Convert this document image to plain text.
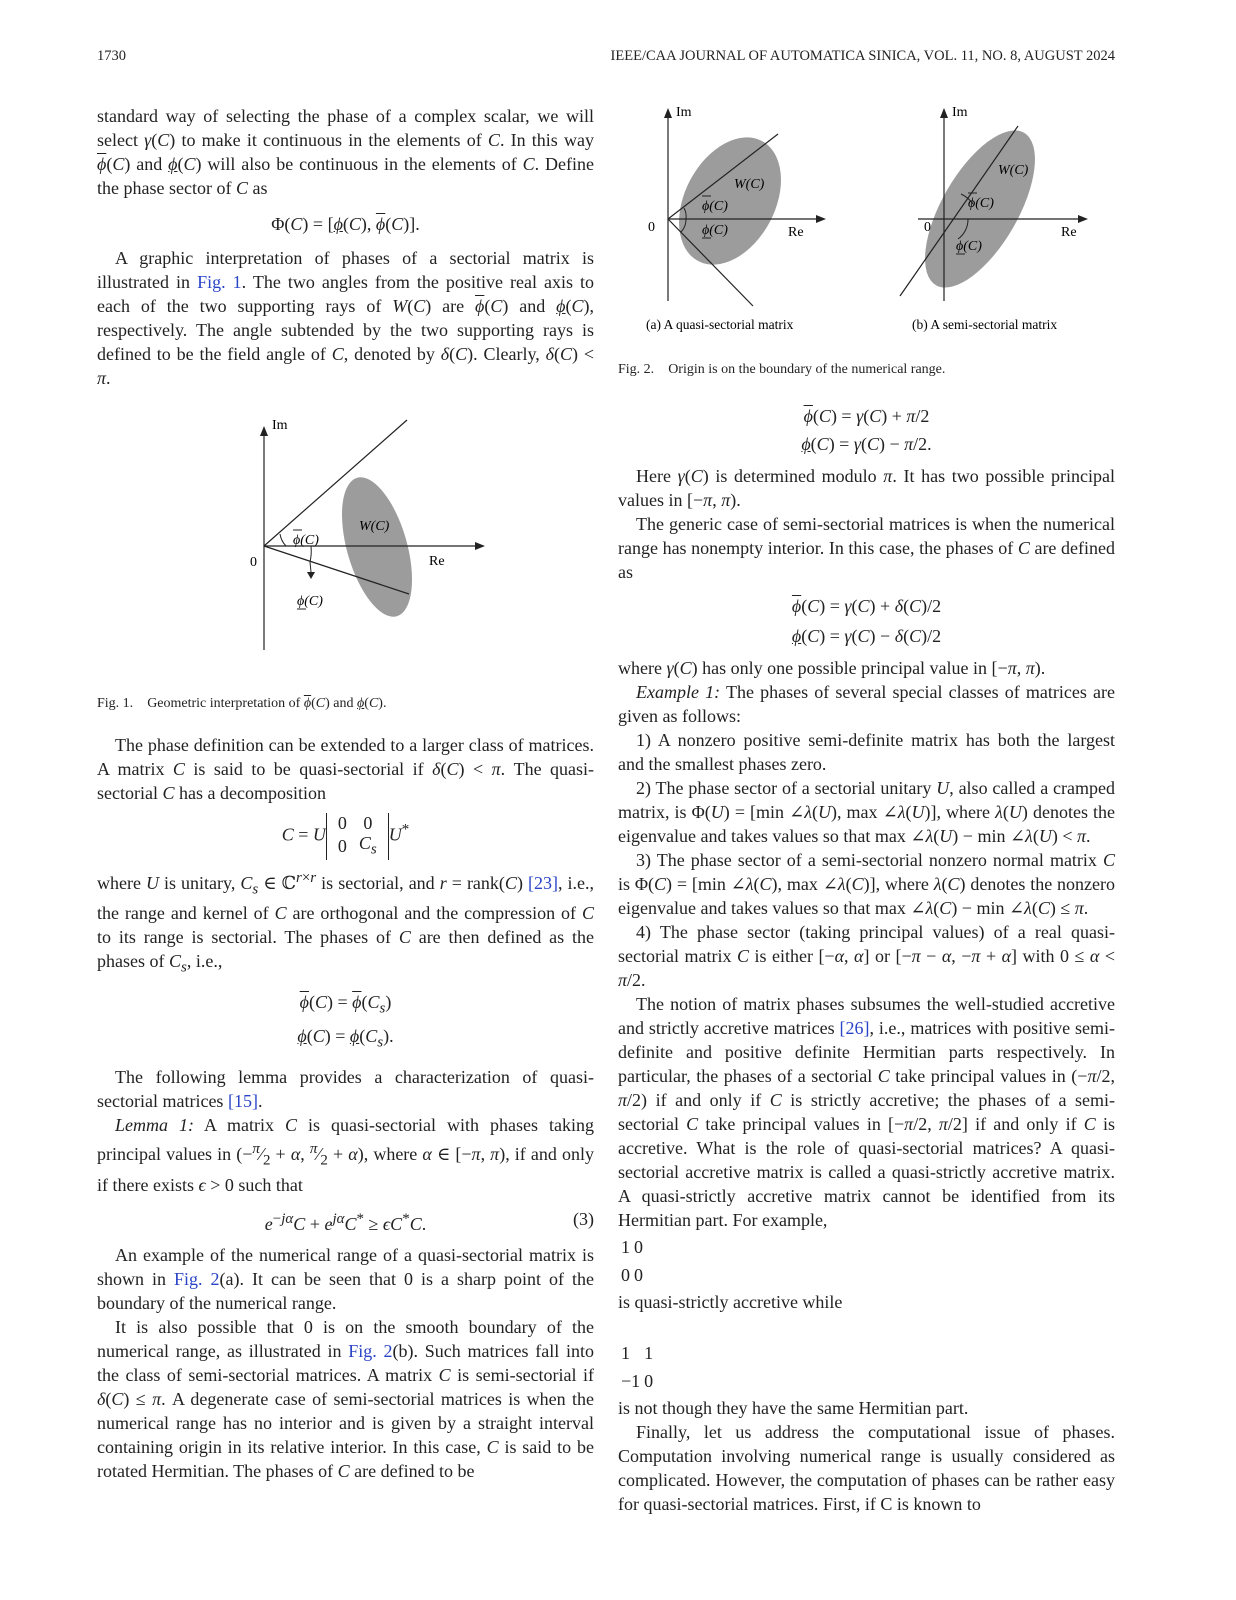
1730	IEEE/CAA JOURNAL OF AUTOMATICA SINICA, VOL. 11, NO. 8, AUGUST 2024

standard way of selecting the phase of a complex scalar, we will select γ(C) to make it continuous in the elements of C. In this way $\overline{\phi}(C)$ and ϕ(C) will also be continuous in the elements of C. Define the phase sector of C as

Φ(C) = [ϕ(C), $\overline{\phi}(C)$].

A graphic interpretation of phases of a sectorial matrix is illustrated in Fig. 1. The two angles from the positive real axis to each of the two supporting rays of W(C) are $\overline{\phi}(C)$ and ϕ(C), respectively. The angle subtended by the two supporting rays is defined to be the field angle of C, denoted by δ(C). Clearly, δ(C) < π.

Im
Re
0
W(C)
ϕ(C)
ϕ(C)

Fig. 1. Geometric interpretation of $\overline{\phi}(C)$ and ϕ(C).

The phase definition can be extended to a larger class of matrices. A matrix C is said to be quasi-sectorial if δ(C) < π. The quasi-sectorial C has a decomposition

C = U
0	0
0	$C_s$
U*

where U is unitary, $C_s$ ∈ ℂ$^{r\times r}$ is sectorial, and r = rank(C) [23], i.e., the range and kernel of C are orthogonal and the compression of C to its range is sectorial. The phases of C are then defined as the phases of $C_s$, i.e.,

$\overline{\phi}(C) = \overline{\phi}(C_s)$

$\phi(C) = \phi(C_s)$.

The following lemma provides a characterization of quasi-sectorial matrices [15].

Lemma 1: A matrix C is quasi-sectorial with phases taking principal values in ($-^\pi⁄_2 + \alpha$, $^\pi⁄_2 + \alpha$), where α ∈ [−π, π), if and only if there exists ϵ > 0 such that

$e^{-j\alpha}C + e^{j\alpha}C^* \ge \epsilon C^*C$.	(3)

An example of the numerical range of a quasi-sectorial matrix is shown in Fig. 2(a). It can be seen that 0 is a sharp point of the boundary of the numerical range.

It is also possible that 0 is on the smooth boundary of the numerical range, as illustrated in Fig. 2(b). Such matrices fall into the class of semi-sectorial matrices. A matrix C is semi-sectorial if δ(C) ≤ π. A degenerate case of semi-sectorial matrices is when the numerical range has no interior and is given by a straight interval containing origin in its relative interior. In this case, C is said to be rotated Hermitian. The phases of C are defined to be

Im
Re
0
W(C)
ϕ(C)
ϕ(C)
Im
Re
0
W(C)
ϕ(C)
ϕ(C)
(a) A quasi-sectorial matrix	(b) A semi-sectorial matrix

Fig. 2. Origin is on the boundary of the numerical range.

$\overline{\phi}(C) = \gamma(C) + \pi/2$

ϕ(C) = γ(C) − π/2.

Here γ(C) is determined modulo π. It has two possible principal values in [−π, π).

The generic case of semi-sectorial matrices is when the numerical range has nonempty interior. In this case, the phases of C are defined as

$\overline{\phi}(C) = \gamma(C) + \delta(C)/2$

ϕ(C) = γ(C) − δ(C)/2

where γ(C) has only one possible principal value in [−π, π).

Example 1: The phases of several special classes of matrices are given as follows:

1) A nonzero positive semi-definite matrix has both the largest and the smallest phases zero.

2) The phase sector of a sectorial unitary U, also called a cramped matrix, is Φ(U) = [min ∠λ(U), max ∠λ(U)], where λ(U) denotes the eigenvalue and takes values so that max ∠λ(U) − min ∠λ(U) < π.

3) The phase sector of a semi-sectorial nonzero normal matrix C is Φ(C) = [min ∠λ(C), max ∠λ(C)], where λ(C) denotes the nonzero eigenvalue and takes values so that max ∠λ(C) − min ∠λ(C) ≤ π.

4) The phase sector (taking principal values) of a real quasi-sectorial matrix C is either [−α, α] or [−π − α, −π + α] with 0 ≤ α < π/2.

The notion of matrix phases subsumes the well-studied accretive and strictly accretive matrices [26], i.e., matrices with positive semi-definite and positive definite Hermitian parts respectively. In particular, the phases of a sectorial C take principal values in (−π/2, π/2) if and only if C is strictly accretive; the phases of a semi-sectorial C take principal values in [−π/2, π/2] if and only if C is accretive. What is the role of quasi-sectorial matrices? A quasi-sectorial accretive matrix is called a quasi-strictly accretive matrix. A quasi-strictly accretive matrix cannot be identified from its Hermitian part. For example,

1	0
0	0
is quasi-strictly accretive while

1	1
−1	0
is not though they have the same Hermitian part.

Finally, let us address the computational issue of phases. Computation involving numerical range is usually considered as complicated. However, the computation of phases can be rather easy for quasi-sectorial matrices. First, if C is known to
